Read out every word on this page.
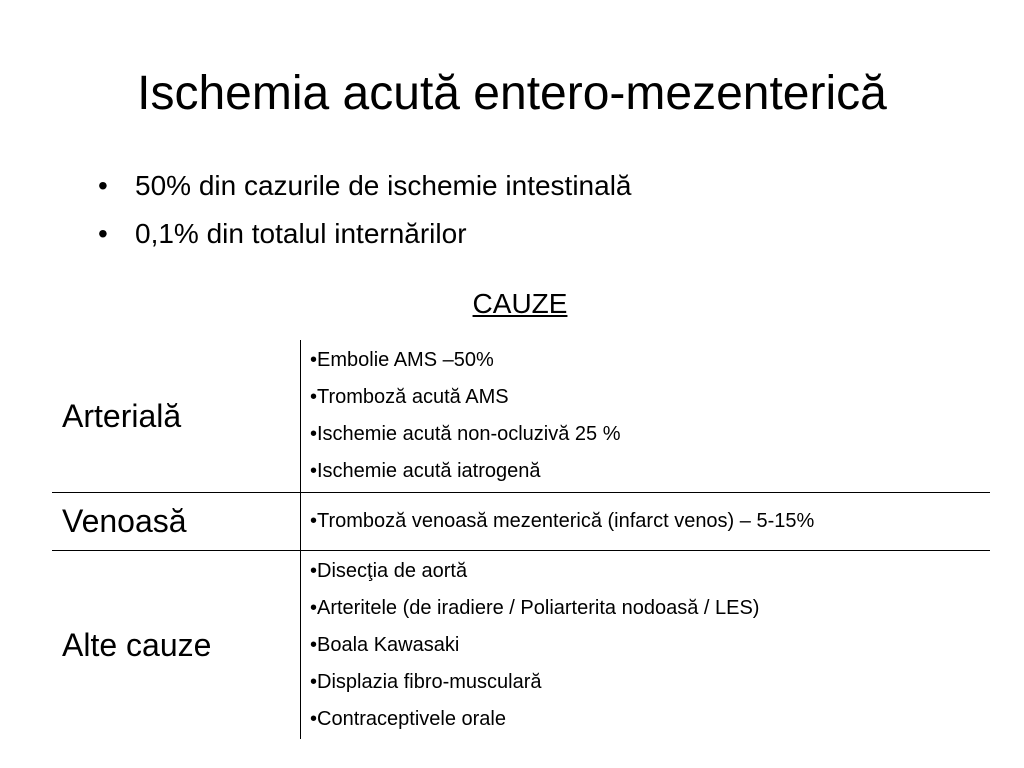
Ischemia acută entero-mezenterică
• 50% din cazurile de ischemie intestinală
• 0,1% din totalul internărilor
CAUZE
Arterială	•Embolie AMS –50%
•Tromboză acută AMS
•Ischemie acută non-ocluzivă 25 %
•Ischemie acută iatrogenă

Venoasă	•Tromboză venoasă mezenterică (infarct venos) – 5-15%

Alte cauze	•Disecţia de aortă
•Arteritele (de iradiere / Poliarterita nodoasă / LES)
•Boala Kawasaki
•Displazia fibro-musculară
•Contraceptivele orale
